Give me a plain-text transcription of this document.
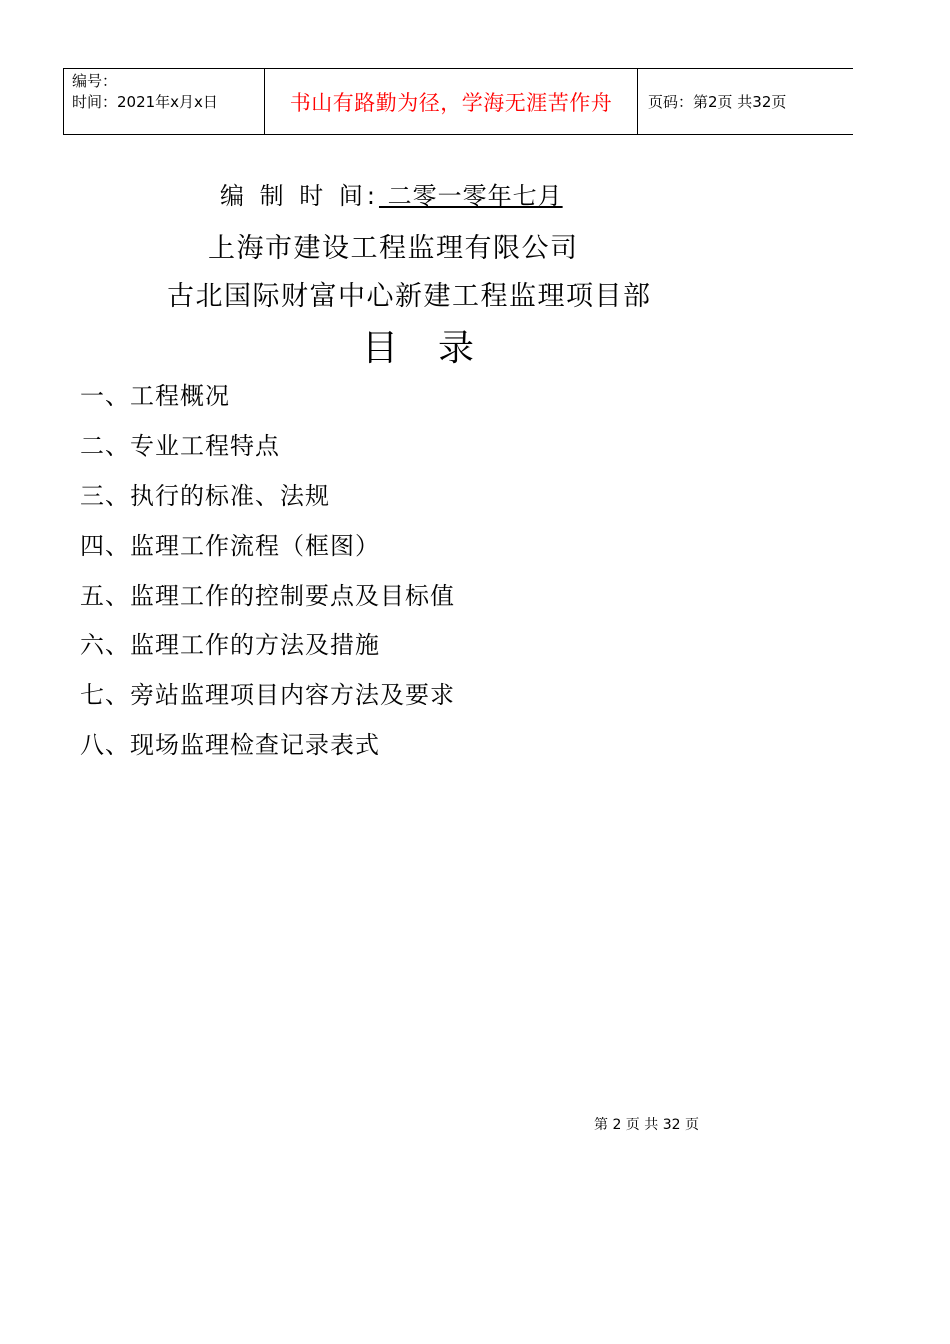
编号：
时间：2021年x月x日	书山有路勤为径，学海无涯苦作舟	页码：第2页 共32页
编 制 时 间: 二零一零年七月
上海市建设工程监理有限公司
古北国际财富中心新建工程监理项目部
目录
一、工程概况
二、专业工程特点
三、执行的标准、法规
四、监理工作流程（框图）
五、监理工作的控制要点及目标值
六、监理工作的方法及措施
七、旁站监理项目内容方法及要求
八、现场监理检查记录表式
第 2 页 共 32 页
